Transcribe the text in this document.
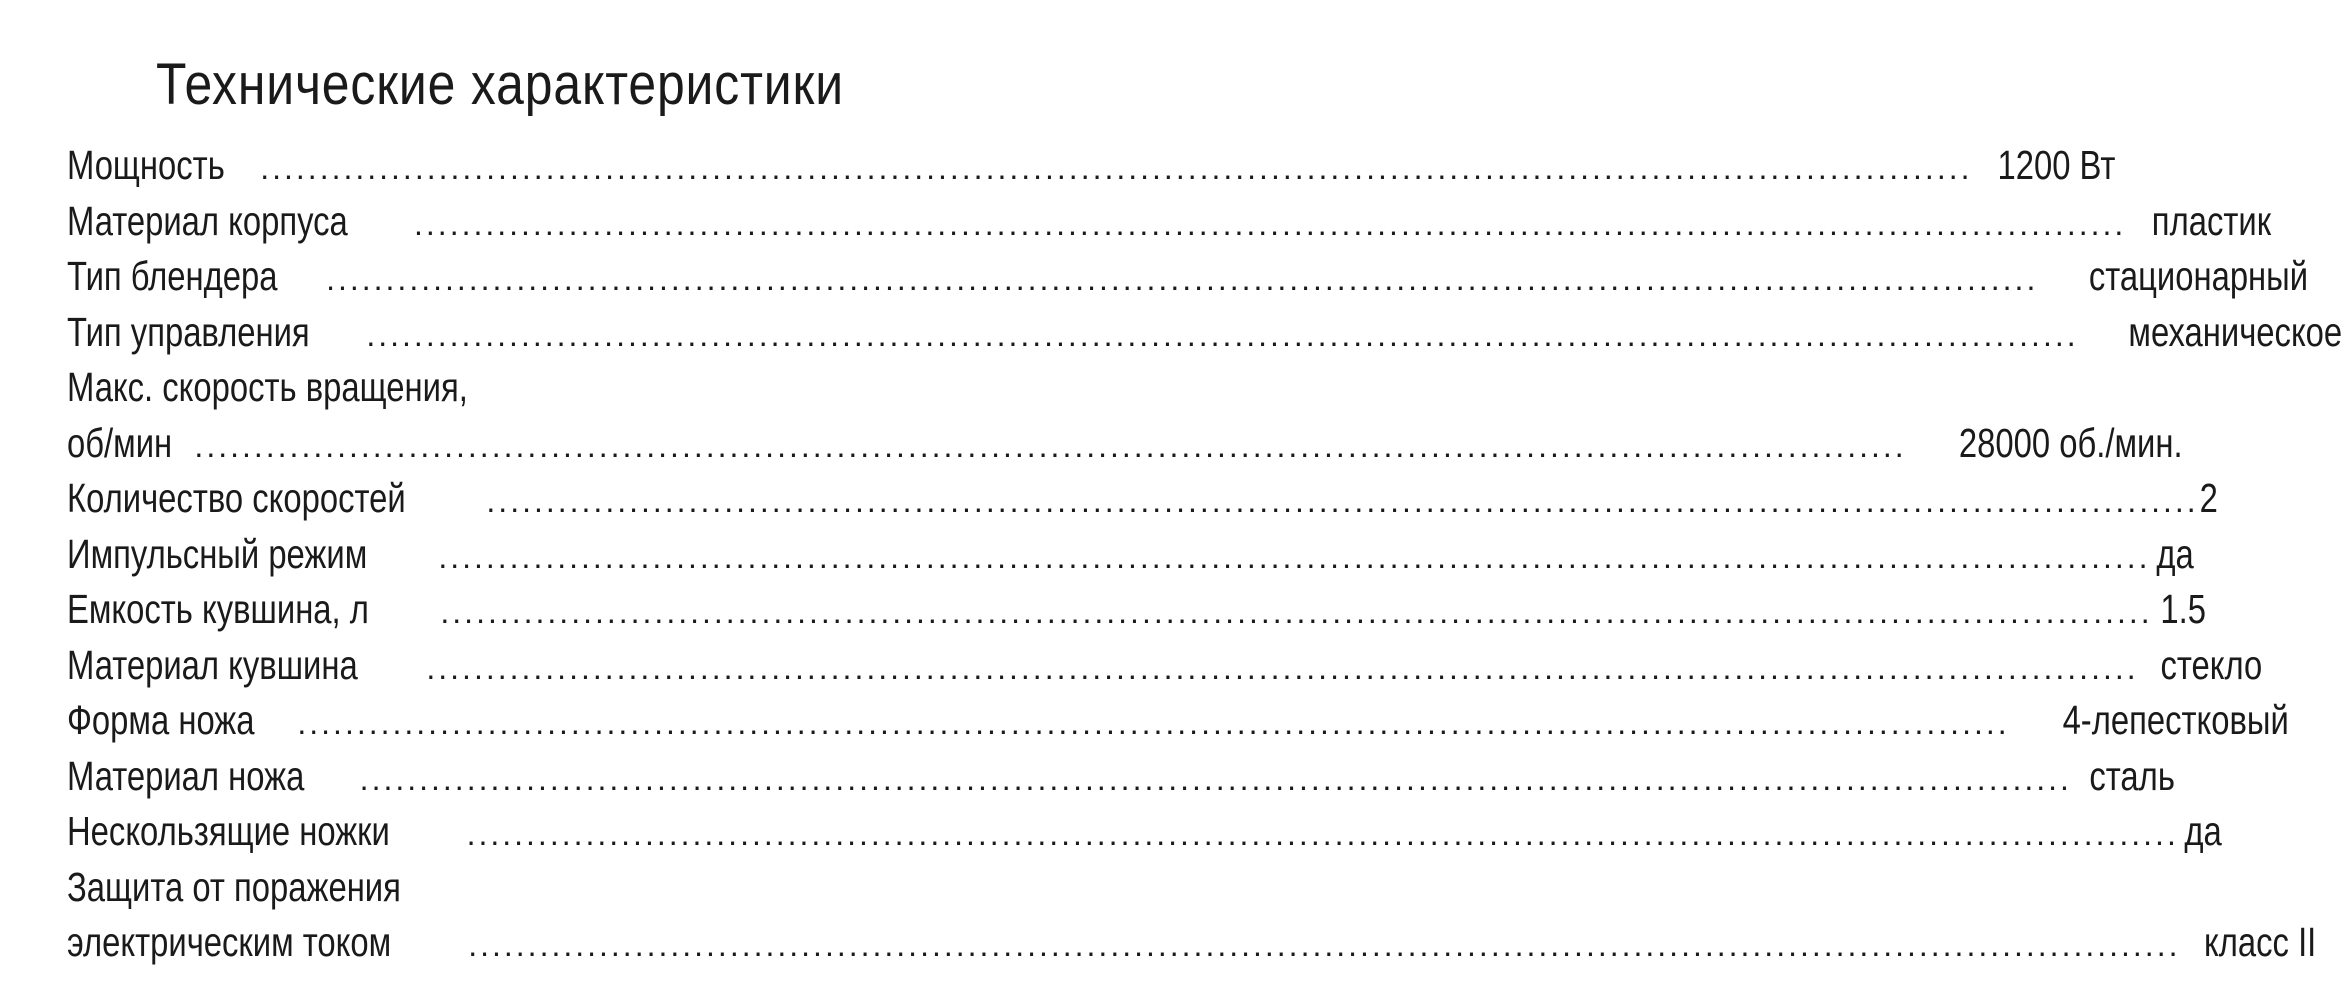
Технические характеристики
Мощность ................................................................................................................................................ 1200 Вт
Материал корпуса ................................................................................................................................................ пластик
Тип блендера ................................................................................................................................................ стационарный
Тип управления ................................................................................................................................................ механическое
Макс. скорость вращения,
об/мин ................................................................................................................................................ 28000 об./мин.
Количество скоростей	................................................................................................................................................ 2
Импульсный режим ................................................................................................................................................ да
Емкость кувшина, л ................................................................................................................................................ 1.5
Материал кувшина ................................................................................................................................................ стекло
Форма ножа ................................................................................................................................................ 4-лепестковый
Материал ножа ................................................................................................................................................ сталь
Нескользящие ножки ................................................................................................................................................ да
Защита от поражения
электрическим током ................................................................................................................................................ класс II
